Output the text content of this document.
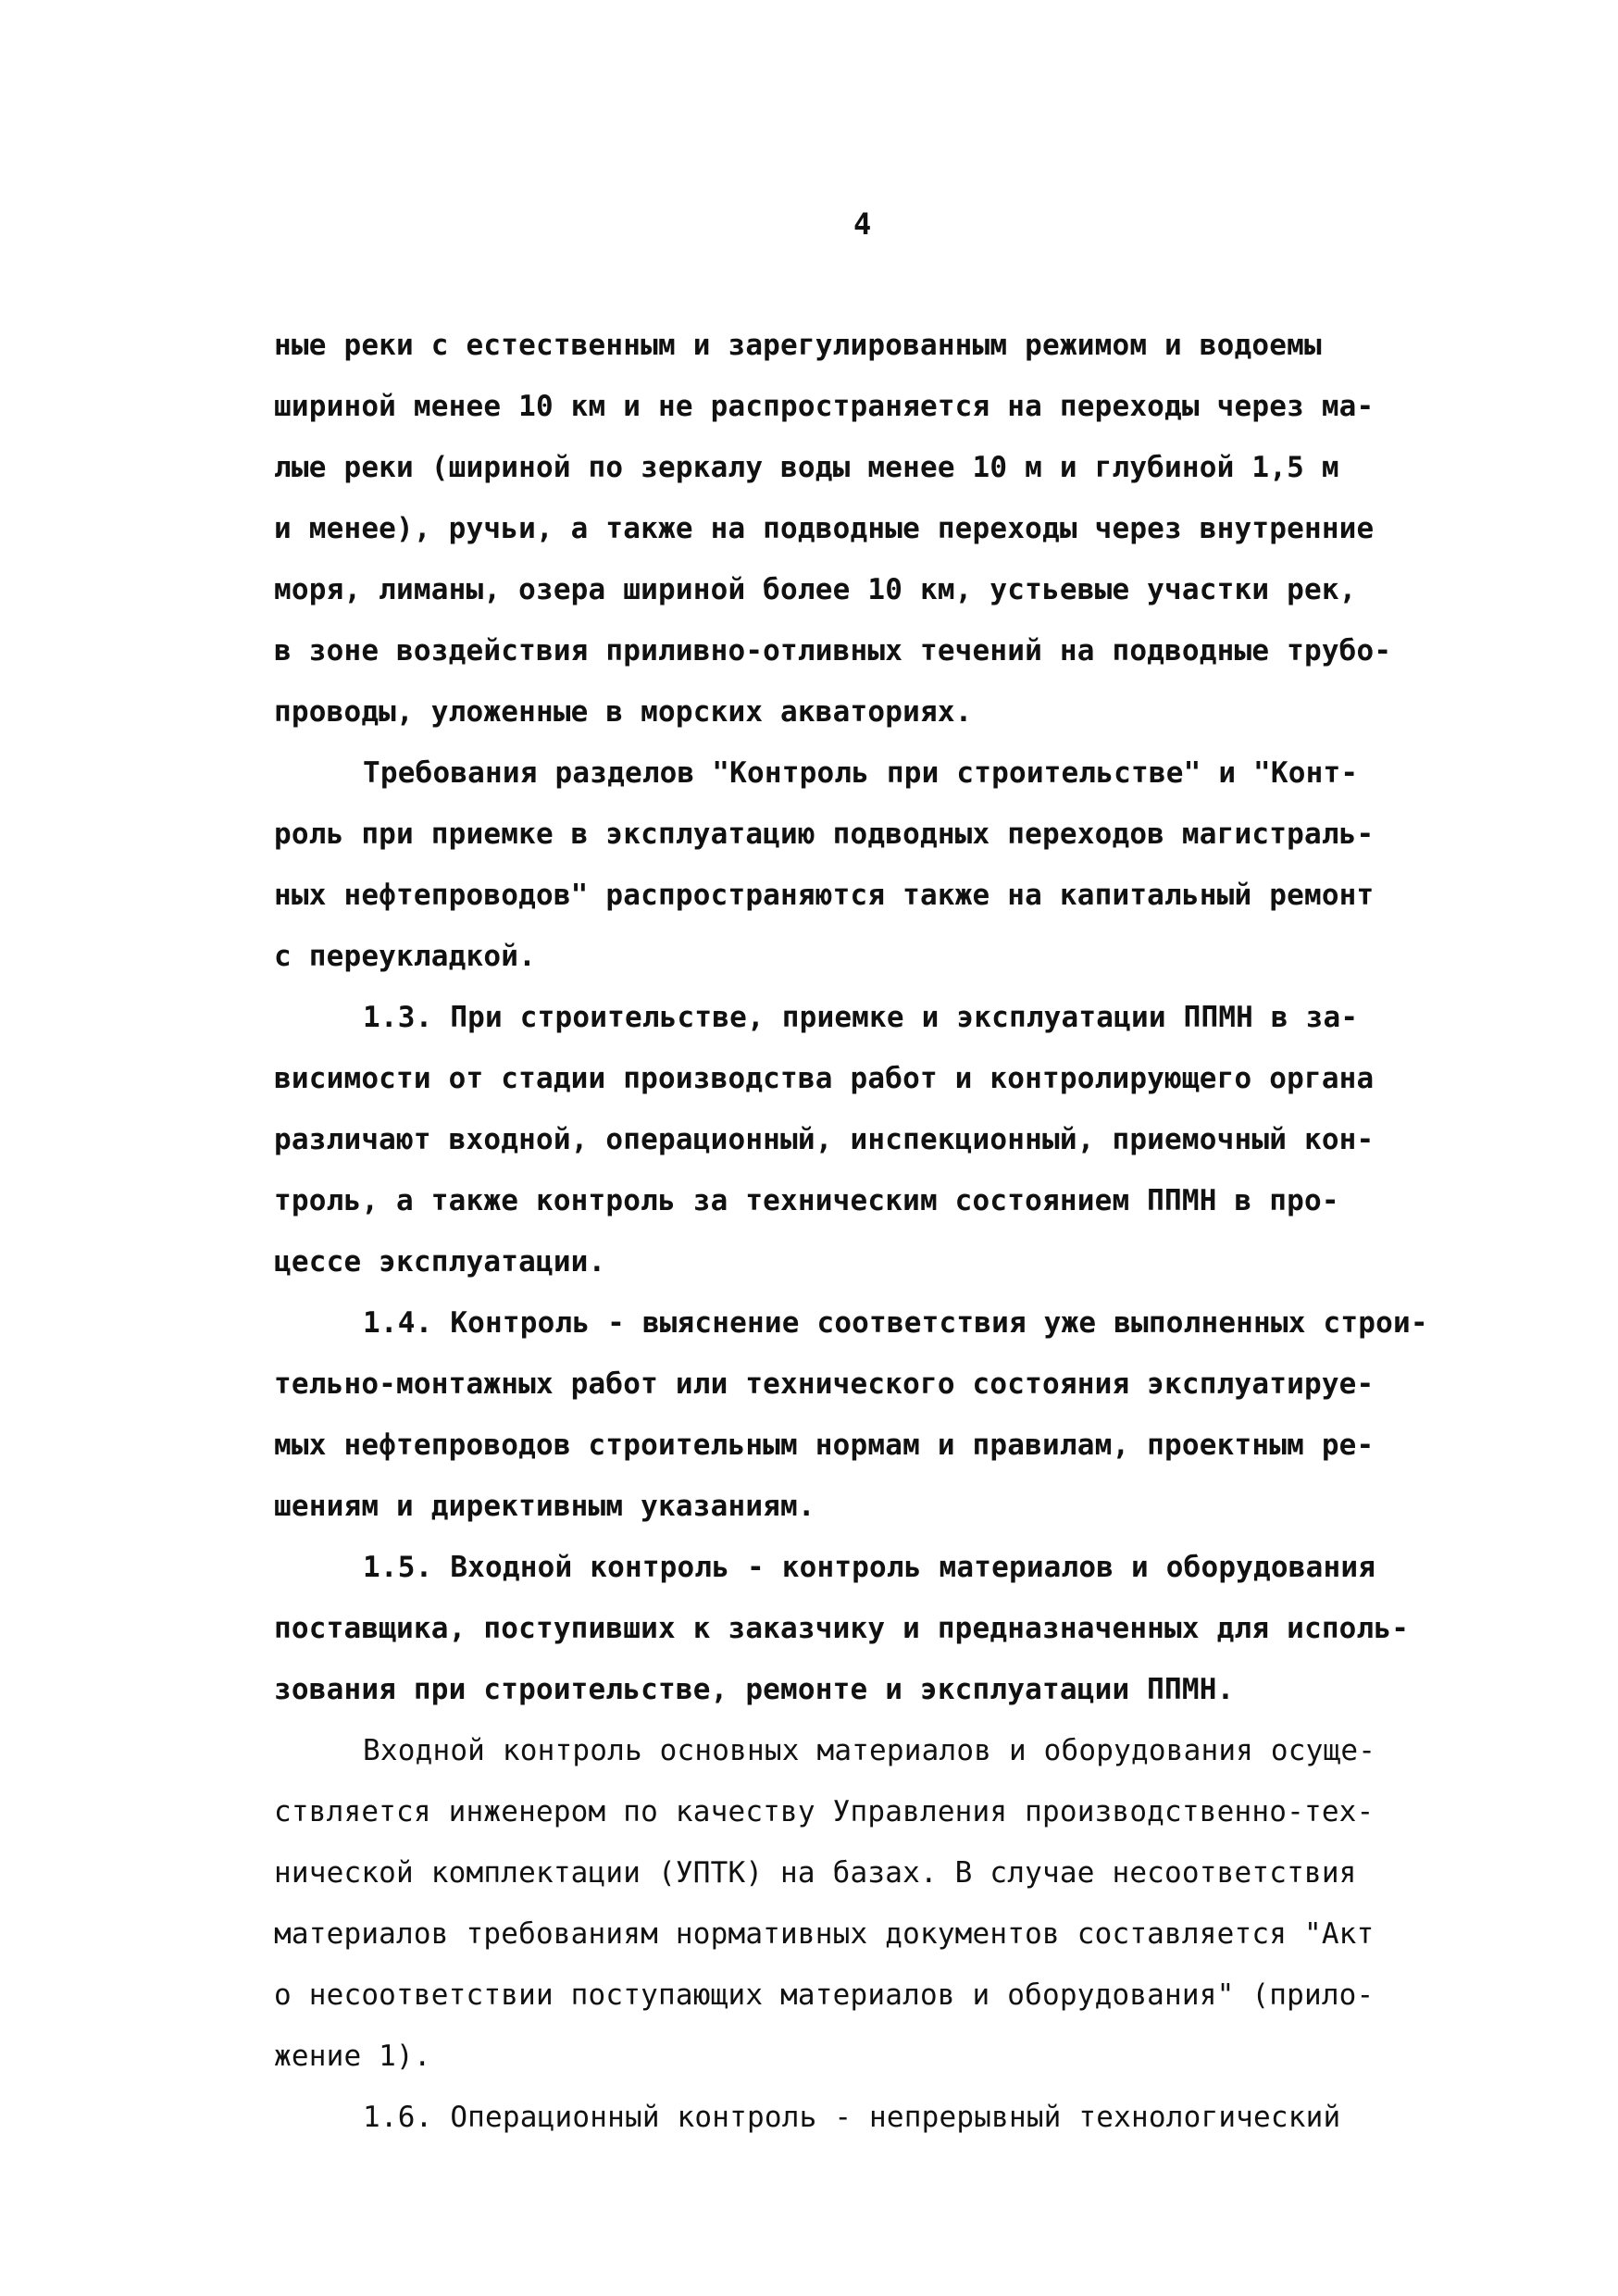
4
ные реки с естественным и зарегулированным режимом и водоемы
шириной менее 10 км и не распространяется на переходы через ма-
лые реки (шириной по зеркалу воды менее 10 м и глубиной 1,5 м
и менее), ручьи, а также на подводные переходы через внутренние
моря, лиманы, озера шириной более 10 км, устьевые участки рек,
в зоне воздействия приливно-отливных течений на подводные трубо-
проводы, уложенные в морских акваториях.
Требования разделов "Контроль при строительстве" и "Конт-
роль при приемке в эксплуатацию подводных переходов магистраль-
ных нефтепроводов" распространяются также на капитальный ремонт
с переукладкой.
1.3. При строительстве, приемке и эксплуатации ППМН в за-
висимости от стадии производства работ и контролирующего органа
различают входной, операционный, инспекционный, приемочный кон-
троль, а также контроль за техническим состоянием ППМН в про-
цессе эксплуатации.
1.4. Контроль - выяснение соответствия уже выполненных строи-
тельно-монтажных работ или технического состояния эксплуатируе-
мых нефтепроводов строительным нормам и правилам, проектным ре-
шениям и директивным указаниям.
1.5. Входной контроль - контроль материалов и оборудования
поставщика, поступивших к заказчику и предназначенных для исполь-
зования при строительстве, ремонте и эксплуатации ППМН.
Входной контроль основных материалов и оборудования осуще-
ствляется инженером по качеству Управления производственно-тех-
нической комплектации (УПТК) на базах. В случае несоответствия
материалов требованиям нормативных документов составляется "Акт
о несоответствии поступающих материалов и оборудования" (прило-
жение 1).
1.6. Операционный контроль - непрерывный технологический
